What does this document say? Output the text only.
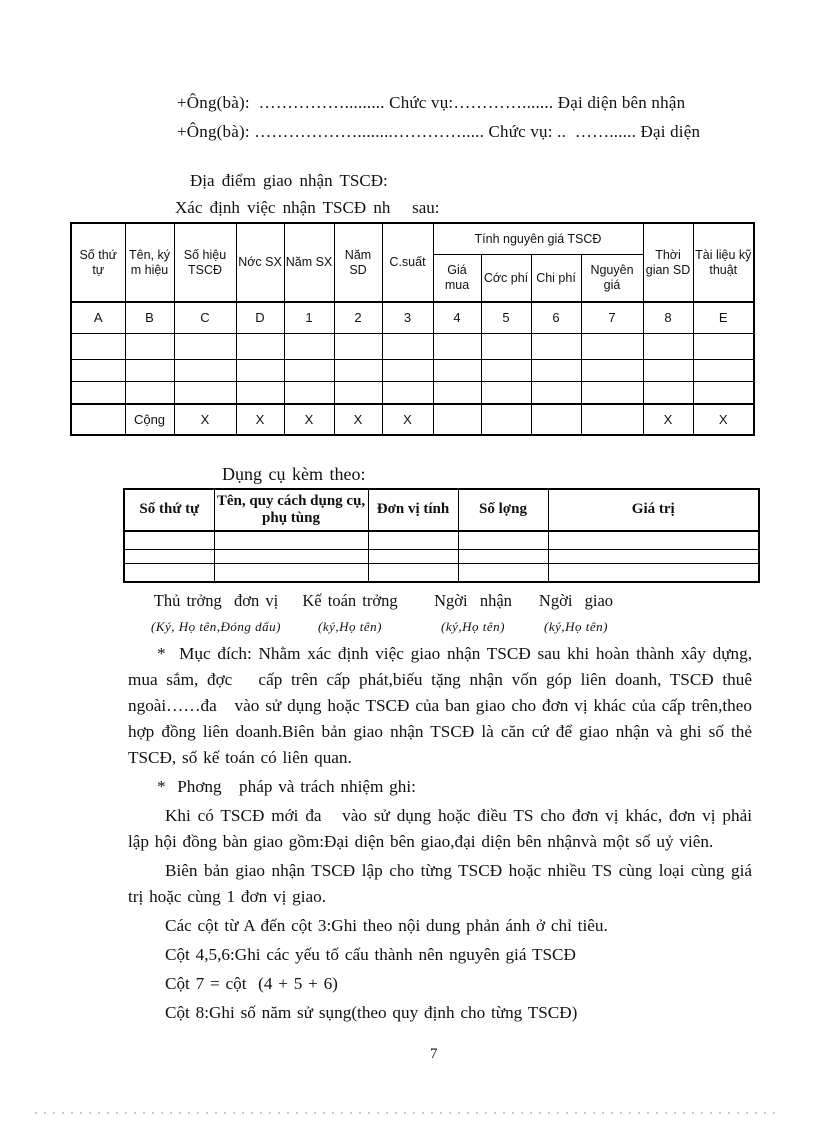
+Ông(bà):  ……………......... Chức vụ:…………....... Đại diện bên nhận
+Ông(bà): ………………........…………..... Chức vụ: ..  ……...... Đại diện
Địa điểm giao nhận TSCĐ:
Xác định việc nhận TSCĐ nh   sau:
Số thứ tự	Tên, ký m hiệu	Số hiệu TSCĐ	Nớc SX	Năm SX	Năm SD	C.suất	Tính nguyên giá TSCĐ				Thời gian SD	Tài liệu kỹ thuật
							Giá mua	Cớc phí	Chi phí	Nguyên giá		
A	B	C	D	1	2	3	4	5	6	7	8	E

	Cộng	X	X	X	X	X					X	X
Dụng cụ kèm theo:
Số thứ tự	Tên, quy cách dụng cụ, phụ tùng	Đơn vị tính	Số lợng	Giá trị

Thủ trởng  đơn vị
(Ký, Họ tên,Đóng dấu)
Kế toán trởng
(ký,Họ tên)
Ngời  nhận
(ký,Họ tên)
Ngời  giao
(ký,Họ tên)

*  Mục đích: Nhằm xác định việc giao nhận TSCĐ sau khi hoàn thành xây dựng, mua sắm, đợc   cấp trên cấp phát,biếu tặng nhận vốn góp liên doanh, TSCĐ thuê ngoài……đa   vào sử dụng hoặc TSCĐ của ban giao cho đơn vị khác của cấp trên,theo hợp đồng liên doanh.Biên bản giao nhận TSCĐ là căn cứ để giao nhận và ghi số thẻ TSCĐ, sổ kế toán có liên quan.

*  Phơng   pháp và trách nhiệm ghi:

Khi có TSCĐ mới đa   vào sử dụng hoặc điều TS cho đơn vị khác, đơn vị phải lập hội đồng bàn giao gồm:Đại diện bên giao,đại diện bên nhậnvà một số uỷ viên.

Biên bản giao nhận TSCĐ lập cho từng TSCĐ hoặc nhiều TS cùng loại cùng giá trị hoặc cùng 1 đơn vị giao.

Các cột từ A đến cột 3:Ghi theo nội dung phản ánh ở chỉ tiêu.

Cột 4,5,6:Ghi các yếu tố cấu thành nên nguyên giá TSCĐ

Cột 7 = cột  (4 + 5 + 6)

Cột 8:Ghi số năm sử sụng(theo quy định cho từng TSCĐ)

7
